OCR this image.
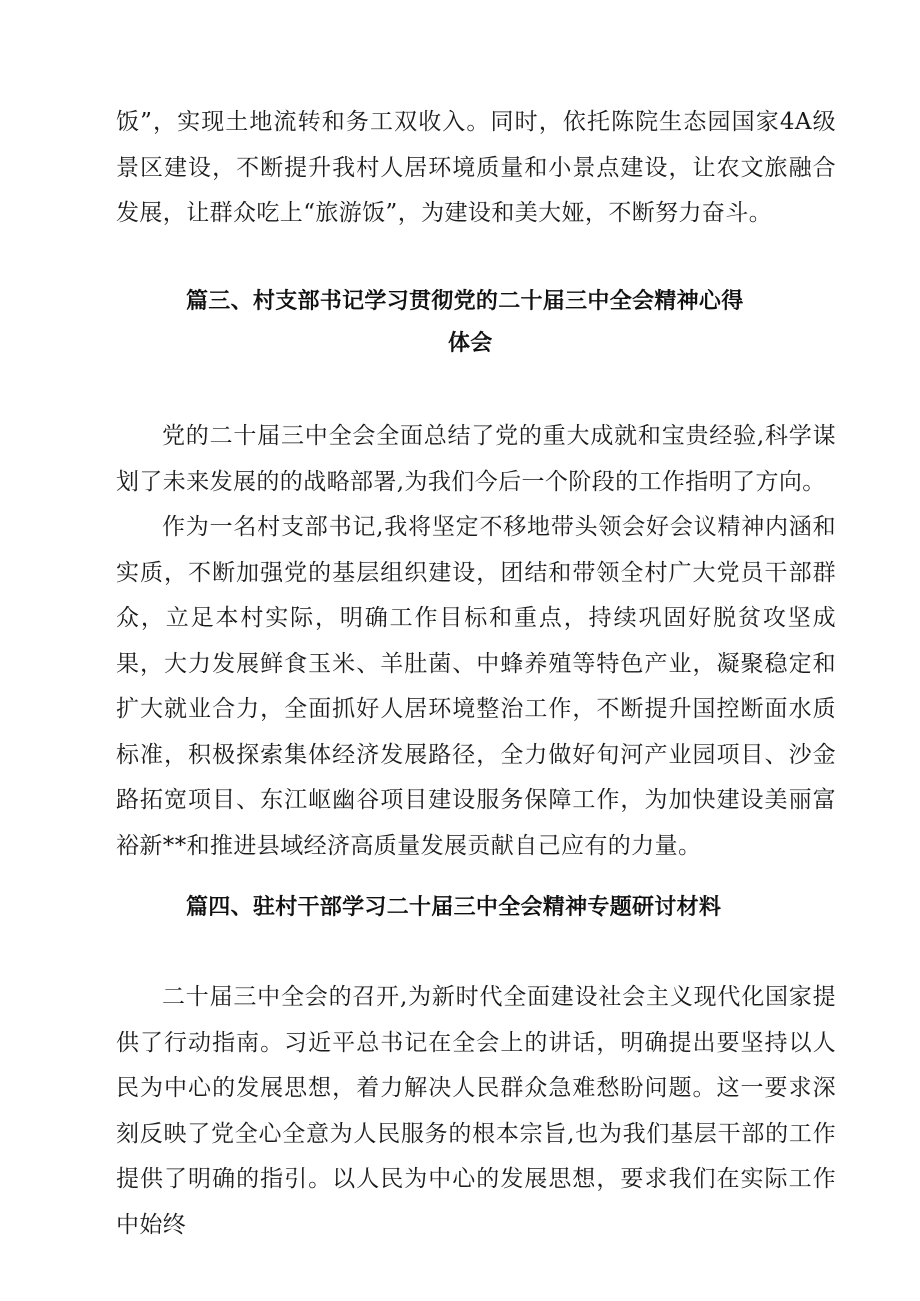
饭”，实现土地流转和务工双收入。同时，依托陈院生态园国家4A级景区建设，不断提升我村人居环境质量和小景点建设，让农文旅融合发展，让群众吃上“旅游饭”，为建设和美大娅，不断努力奋斗。

篇三、村支部书记学习贯彻党的二十届三中全会精神心得
体会

党的二十届三中全会全面总结了党的重大成就和宝贵经验,科学谋划了未来发展的的战略部署,为我们今后一个阶段的工作指明了方向。

作为一名村支部书记,我将坚定不移地带头领会好会议精神内涵和实质，不断加强党的基层组织建设，团结和带领全村广大党员干部群众，立足本村实际，明确工作目标和重点，持续巩固好脱贫攻坚成果，大力发展鲜食玉米、羊肚菌、中蜂养殖等特色产业，凝聚稳定和扩大就业合力，全面抓好人居环境整治工作，不断提升国控断面水质标准，积极探索集体经济发展路径，全力做好旬河产业园项目、沙金路拓宽项目、东江岖幽谷项目建设服务保障工作，为加快建设美丽富裕新**和推进县域经济高质量发展贡献自己应有的力量。

篇四、驻村干部学习二十届三中全会精神专题研讨材料

二十届三中全会的召开,为新时代全面建设社会主义现代化国家提供了行动指南。习近平总书记在全会上的讲话，明确提出要坚持以人民为中心的发展思想，着力解决人民群众急难愁盼问题。这一要求深刻反映了党全心全意为人民服务的根本宗旨,也为我们基层干部的工作提供了明确的指引。以人民为中心的发展思想，要求我们在实际工作中始终
